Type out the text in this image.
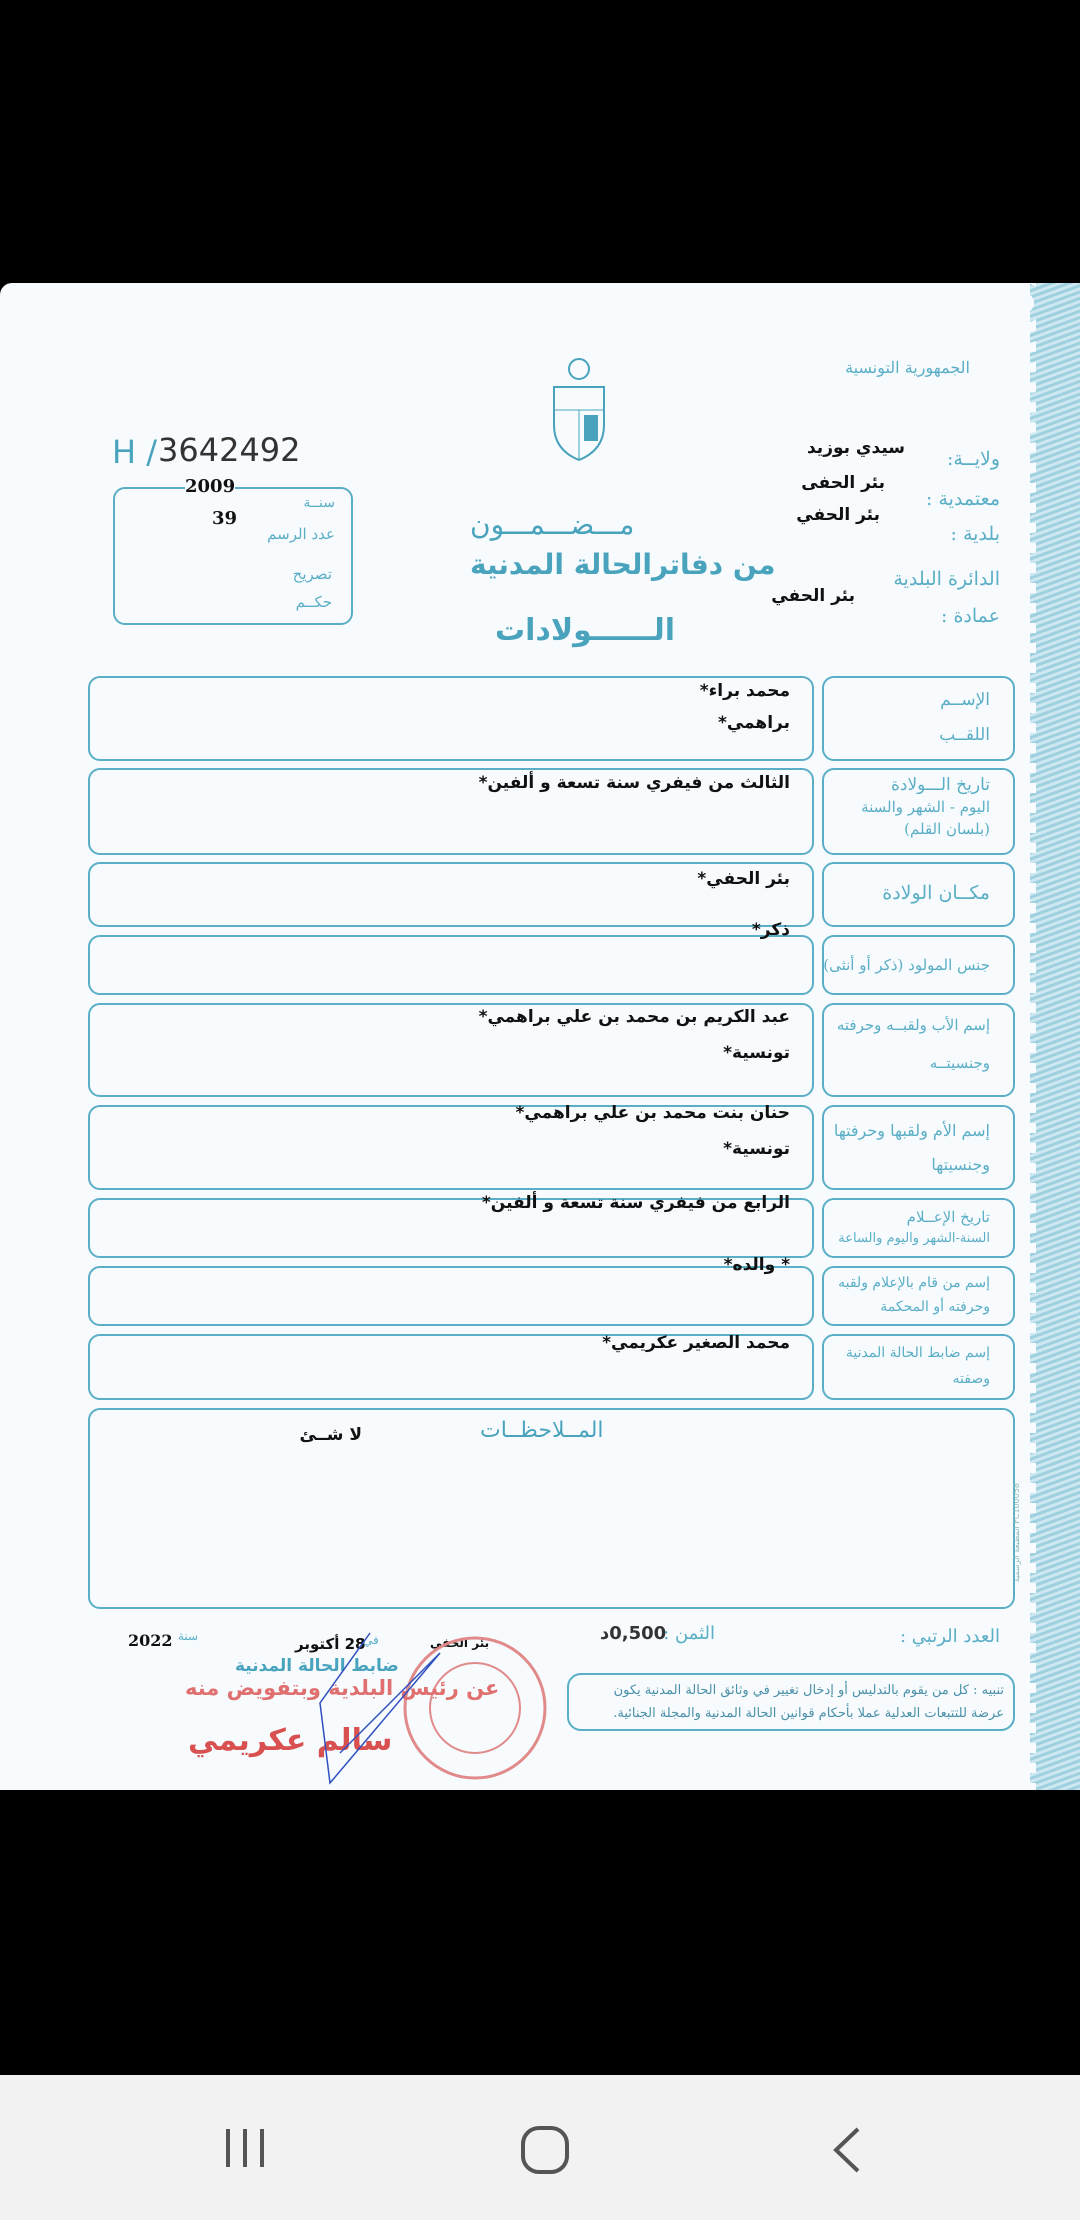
الجمهورية التونسية
H / 3642492
2009
سنــة
39
عدد الرسم
تصريح
حكــم
مـــضـــمـــون
من دفاترالحالة المدنية
الــــــولادات
ولايــة:
سيدي بوزيد
معتمدية :
بئر الحفى
بلدية :
بئر الحفي
الدائرة البلدية
بئر الحفي
عمادة :
الإســم
اللقــب
محمد براء*
براهمي*
تاريخ الـــولادة
اليوم - الشهر والسنة
(بلسان القلم)
الثالث من فيفري سنة تسعة و ألفين*
مكــان الولادة
بئر الحفي*
جنس المولود (ذكر أو أنثى)
ذكر*
إسم الأب ولقبــه وحرفته
وجنسيتــه
عبد الكريم بن محمد بن علي براهمي*
تونسية*
إسم الأم ولقبها وحرفتها
وجنسيتها
حنان بنت محمد بن علي براهمي*
تونسية*
تاريخ الإعــلام
السنة-الشهر واليوم والساعة
الرابع من فيفري سنة تسعة و ألفين*
إسم من قام بالإعلام ولقبه
وحرفته أو المحكمة
* والده*
إسم ضابط الحالة المدنية
وصفته
محمد الصغير عكريمي*
المــلاحظــات
لا شــئ
المطبعة الرسمية FC100058
العدد الرتبي :
الثمن :
0,500د
بئر الحفي
في
28 أكتوبر
سنة
2022
تنبيه : كل من يقوم بالتدليس أو إدخال تغيير في وثائق الحالة المدنية يكون عرضة للتتبعات العدلية عملا بأحكام قوانين الحالة المدنية والمجلة الجنائية.
ضابط الحالة المدنية
عن رئيس البلدية وبتفويض منه
سالم عكريمي
